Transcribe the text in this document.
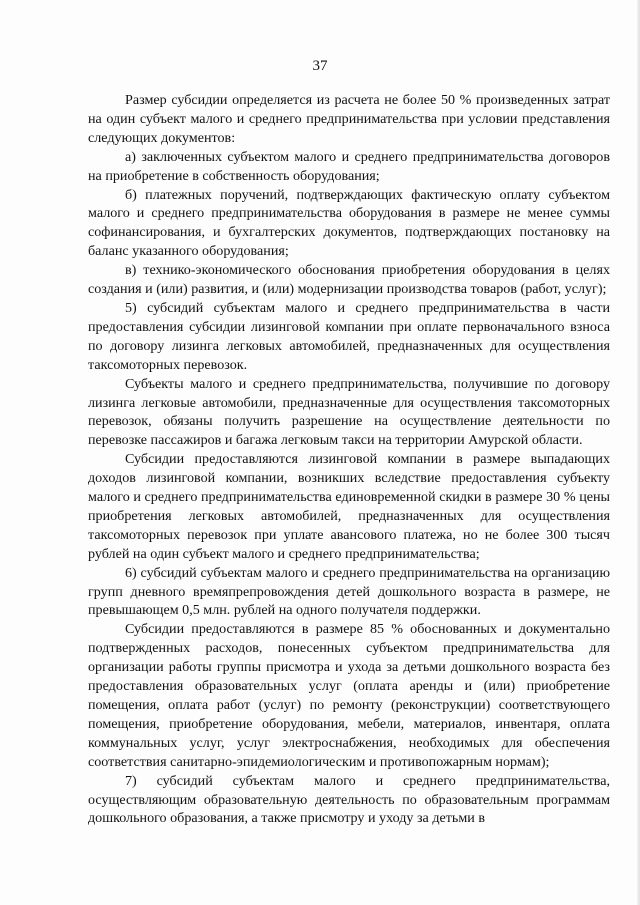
37

Размер субсидии определяется из расчета не более 50 % произведенных затрат на один субъект малого и среднего предпринимательства при условии представления следующих документов:

а) заключенных субъектом малого и среднего предпринимательства договоров на приобретение в собственность оборудования;

б) платежных поручений, подтверждающих фактическую оплату субъектом малого и среднего предпринимательства оборудования в размере не менее суммы софинансирования, и бухгалтерских документов, подтверждающих постановку на баланс указанного оборудования;

в) технико-экономического обоснования приобретения оборудования в целях создания и (или) развития, и (или) модернизации производства товаров (работ, услуг);

5) субсидий субъектам малого и среднего предпринимательства в части предоставления субсидии лизинговой компании при оплате первоначального взноса по договору лизинга легковых автомобилей, предназначенных для осуществления таксомоторных перевозок.

Субъекты малого и среднего предпринимательства, получившие по договору лизинга легковые автомобили, предназначенные для осуществления таксомоторных перевозок, обязаны получить разрешение на осуществление деятельности по перевозке пассажиров и багажа легковым такси на территории Амурской области.

Субсидии предоставляются лизинговой компании в размере выпадающих доходов лизинговой компании, возникших вследствие предоставления субъекту малого и среднего предпринимательства единовременной скидки в размере 30 % цены приобретения легковых автомобилей, предназначенных для осуществления таксомоторных перевозок при уплате авансового платежа, но не более 300 тысяч рублей на один субъект малого и среднего предпринимательства;

6) субсидий субъектам малого и среднего предпринимательства на организацию групп дневного времяпрепровождения детей дошкольного возраста в размере, не превышающем 0,5 млн. рублей на одного получателя поддержки.

Субсидии предоставляются в размере 85 % обоснованных и документально подтвержденных расходов, понесенных субъектом предпринимательства для организации работы группы присмотра и ухода за детьми дошкольного возраста без предоставления образовательных услуг (оплата аренды и (или) приобретение помещения, оплата работ (услуг) по ремонту (реконструкции) соответствующего помещения, приобретение оборудования, мебели, материалов, инвентаря, оплата коммунальных услуг, услуг электроснабжения, необходимых для обеспечения соответствия санитарно-эпидемиологическим и противопожарным нормам);

7) субсидий субъектам малого и среднего предпринимательства, осуществляющим образовательную деятельность по образовательным программам дошкольного образования, а также присмотру и уходу за детьми в
